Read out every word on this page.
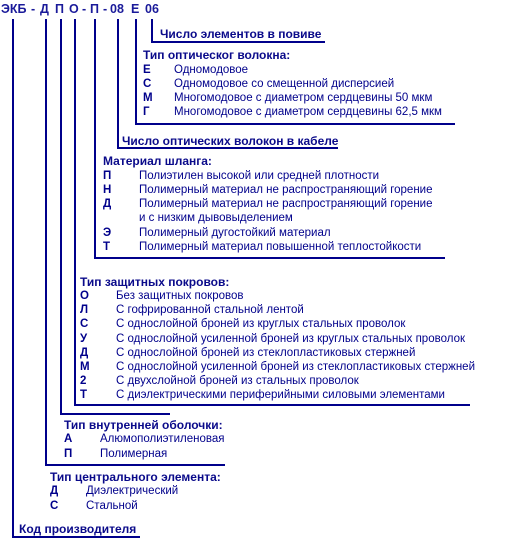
ЭКБ - Д П О - П - 08 Е 06
Число элементов в повиве
Тип оптическог волокна:
Е Одномодовое
С Одномодовое со смещенной дисперсией
М Многомодовое с диаметром сердцевины 50 мкм
Г Многомодовое с диаметром сердцевины 62,5 мкм
Число оптических волокон в кабеле
Материал шланга:
П Полиэтилен высокой или средней плотности
Н Полимерный материал не распространяющий горение
Д Полимерный материал не распространяющий горение
и с низким дывовыделением
Э Полимерный дугостойкий материал
Т	Полимерный материал повышенной теплостойкости
Тип защитных покровов:
О Без защитных покровов
Л С гофрированной стальной лентой
С С однослойной броней из круглых стальных проволок
У	С однослойной усиленной броней из круглых стальных проволок
Д С однослойной броней из стеклопластиковых стержней
М С однослойной усиленной броней из стеклопластиковых стержней
2	С двухслойной броней из стальных проволок
Т	С диэлектрическими периферийными силовыми элементами
Тип внутренней оболочки:
А Алюмополиэтиленовая
П Полимерная
Тип центрального элемента:
Д Диэлектрический
С Стальной
Код производителя
